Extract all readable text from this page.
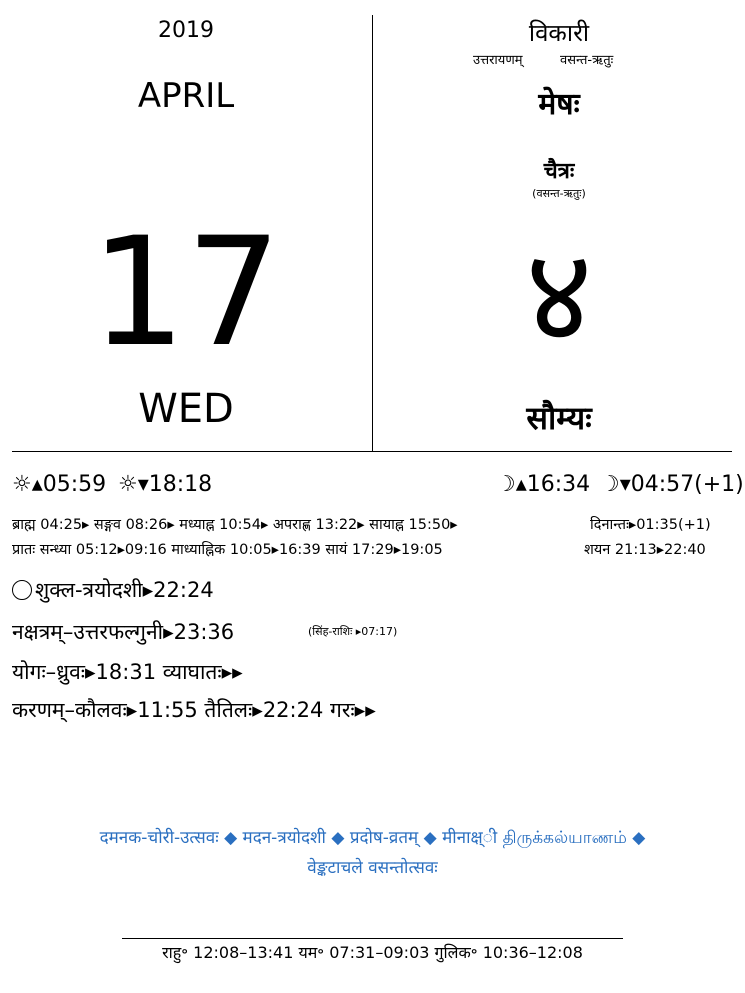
2019
APRIL
17
WED
विकारी
उत्तरायणम्	वसन्त-ऋतुः
मेषः
चैत्रः
(वसन्त-ऋतुः)
४
सौम्यः
☼▴05:59 ☼▾18:18	☽▴16:34 ☽▾04:57(+1)
ब्राह्म 04:25▸ सङ्गव 08:26▸ मध्याह्न 10:54▸ अपराह्ण 13:22▸ सायाह्न 15:50▸	दिनान्तः▸01:35(+1)
प्रातः सन्ध्या 05:12▸09:16 माध्याह्निक 10:05▸16:39 सायं 17:29▸19:05	शयन 21:13▸22:40
शुक्ल-त्रयोदशी▸22:24
नक्षत्रम्–उत्तरफल्गुनी▸23:36	(सिंह-राशिः ▸07:17)
योगः–ध्रुवः▸18:31 व्याघातः▸▸
करणम्–कौलवः▸11:55 तैतिलः▸22:24 गरः▸▸
दमनक-चोरी-उत्सवः ◆ मदन-त्रयोदशी ◆ प्रदोष-व्रतम् ◆ मीनाक्ष्ी திருக்கல்யாணம் ◆
वेङ्कटाचले वसन्तोत्सवः
राहु॰ 12:08–13:41 यम॰ 07:31–09:03 गुलिक॰ 10:36–12:08
